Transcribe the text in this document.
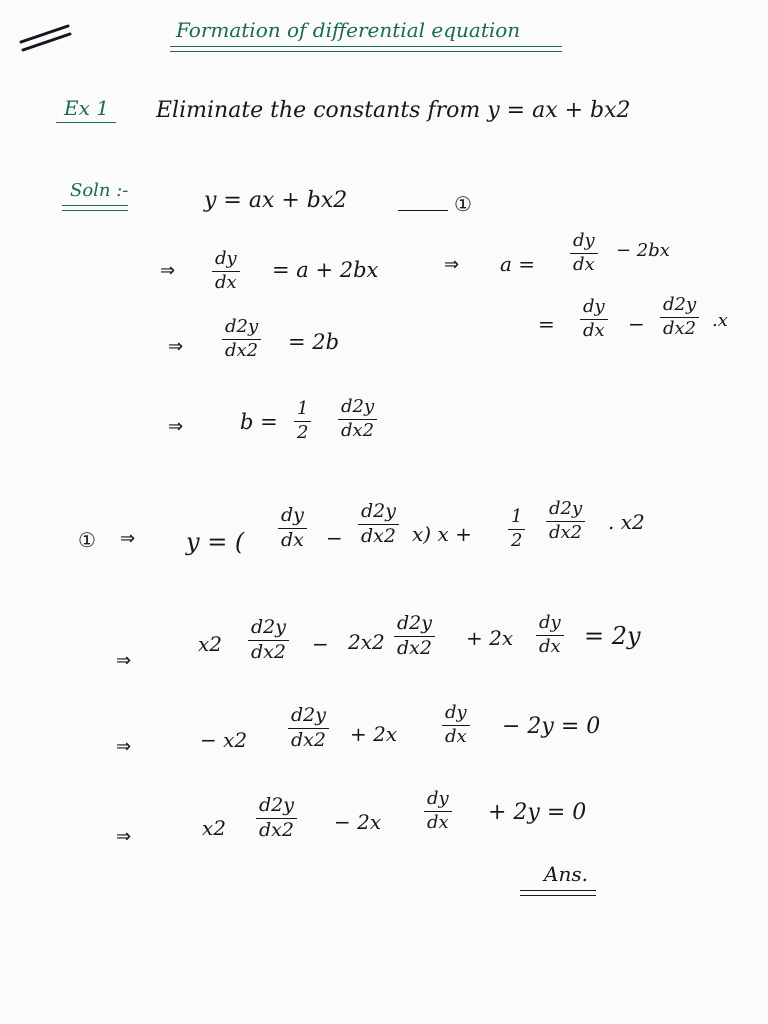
Formation of differential equation
Ex 1 Eliminate the constants from y = ax + bx2
Soln :-	y = ax + bx2	①
⇒ $\frac{dy}{dx} = a + 2bx$	⇒ $a = \frac{dy}{dx} - 2bx$
= $\frac{dy}{dx} - \frac{d2y}{dx2} .x$
⇒ $\frac{d2y}{dx2} = 2b$
⇒	$b = \frac{1}{2} \frac{d2y}{dx2}$
① ⇒ y = ( $\frac{dy}{dx} - \frac{d2y}{dx2} x$) $x + \frac{1}{2} \frac{d2y}{dx2}$ . x2
⇒
$x2 \frac{d2y}{dx2} - 2x2 \frac{d2y}{dx2} + 2x \frac{dy}{dx} = 2y$
⇒	− $x2 \frac{d2y}{dx2} + 2x \frac{dy}{dx} - 2y = 0$
⇒	$x2 \frac{d2y}{dx2} - 2x \frac{dy}{dx} + 2y = 0$
Ans.
